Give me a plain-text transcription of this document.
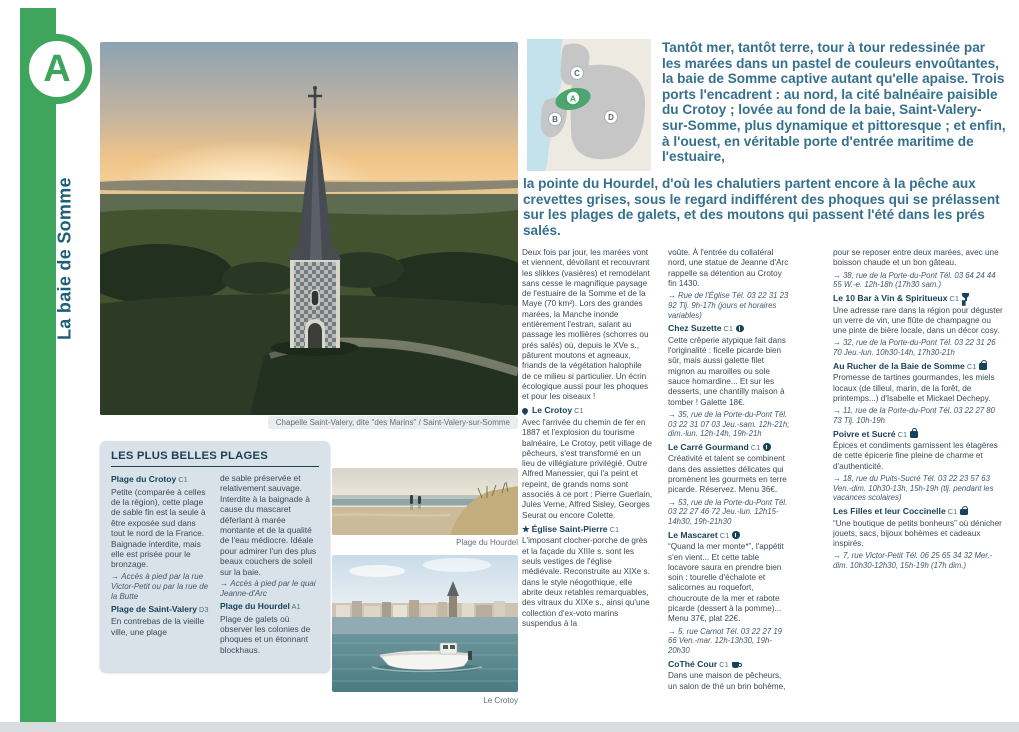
A
La baie de Somme
Chapelle Saint-Valery, dite "des Marins" / Saint-Valery-sur-Somme
C
A
B	D

Tantôt mer, tantôt terre, tour à tour redessinée par les marées dans un pastel de couleurs envoûtantes, la baie de Somme captive autant qu'elle apaise. Trois ports l'encadrent : au nord, la cité balnéaire paisible du Crotoy ; lovée au fond de la baie, Saint-Valery-sur-Somme, plus dynamique et pittoresque ; et enfin, à l'ouest, en véritable porte d'entrée maritime de l'estuaire,

la pointe du Hourdel, d'où les chalutiers partent encore à la pêche aux crevettes grises, sous le regard indifférent des phoques qui se prélassent sur les plages de galets, et des moutons qui passent l'été dans les prés salés.

LES PLUS BELLES PLAGES
Plage du Crotoy C1

Petite (comparée à celles de la région), cette plage de sable fin est la seule à être exposée sud dans tout le nord de la France. Baignade interdite, mais elle est prisée pour le bronzage.

→ Accès à pied par la rue Victor-Petit ou par la rue de la Butte

Plage de Saint-Valery D3

En contrebas de la vieille ville, une plage

de sable préservée et relativement sauvage. Interdite à la baignade à cause du mascaret déferlant à marée montante et de la qualité de l'eau médiocre. Idéale pour admirer l'un des plus beaux couchers de soleil sur la baie.

→ Accès à pied par le quai Jeanne-d'Arc

Plage du Hourdel A1

Plage de galets où observer les colonies de phoques et un étonnant blockhaus.

Plage du Hourdel
Le Crotoy

Deux fois par jour, les marées vont et viennent, dévoilant et recouvrant les slikkes (vasières) et remodelant sans cesse le magnifique paysage de l'estuaire de la Somme et de la Maye (70 km²). Lors des grandes marées, la Manche inonde entièrement l'estran, salant au passage les mollières (schorres ou prés salés) où, depuis le XVe s., pâturent moutons et agneaux, friands de la végétation halophile de ce milieu si particulier. Un écrin écologique aussi pour les phoques et pour les oiseaux !

Le Crotoy C1

Avec l'arrivée du chemin de fer en 1887 et l'explosion du tourisme balnéaire, Le Crotoy, petit village de pêcheurs, s'est transformé en un lieu de villégiature privilégié. Outre Alfred Manessier, qui l'a peint et repeint, de grands noms sont associés à ce port : Pierre Guerlain, Jules Verne, Alfred Sisley, Georges Seurat ou encore Colette.

★ Église Saint-Pierre C1

L'imposant clocher-porche de grès et la façade du XIIIe s. sont les seuls vestiges de l'église médiévale. Reconstruite au XIXe s. dans le style néogothique, elle abrite deux retables remarquables, des vitraux du XIXe s., ainsi qu'une collection d'ex-voto marins suspendus à la

voûte. À l'entrée du collatéral nord, une statue de Jeanne d'Arc rappelle sa détention au Crotoy fin 1430.

→ Rue de l'Église Tél. 03 22 31 23 92 Tlj. 9h-17h (jours et horaires variables)

Chez Suzette C1

Cette crêperie atypique fait dans l'originalité : ficelle picarde bien sûr, mais aussi galette filet mignon au maroilles ou sole sauce homardine... Et sur les desserts, une chantilly maison à tomber ! Galette 18€.

→ 35, rue de la Porte-du-Pont Tél. 03 22 31 07 03 Jeu.-sam. 12h-21h; dim.-lun. 12h-14h, 19h-21h

Le Carré Gourmand C1

Créativité et talent se combinent dans des assiettes délicates qui promènent les gourmets en terre picarde. Réservez. Menu 36€.

→ 53, rue de la Porte-du-Pont Tél. 03 22 27 46 72 Jeu.-lun. 12h15-14h30, 19h-21h30

Le Mascaret C1

“Quand la mer monte*”, l'appétit s'en vient... Et cette table locavore saura en prendre bien soin : tourelle d'échalote et salicornes au roquefort, choucroute de la mer et rabote picarde (dessert à la pomme)... Menu 37€, plat 22€.

→ 5, rue Carnot Tél. 03 22 27 19 66 Ven.-mar. 12h-13h30, 19h-20h30

CoThé Cour C1

Dans une maison de pêcheurs, un salon de thé un brin bohème,

pour se reposer entre deux marées, avec une boisson chaude et un bon gâteau.

→ 38, rue de la Porte-du-Pont Tél. 03 64 24 44 55 W.-e. 12h-18h (17h30 sam.)

Le 10 Bar à Vin & Spiritueux C1

Une adresse rare dans la région pour déguster un verre de vin, une flûte de champagne ou une pinte de bière locale, dans un décor cosy.

→ 32, rue de la Porte-du-Pont Tél. 03 22 31 26 70 Jeu.-lun. 10h30-14h, 17h30-21h

Au Rucher de la Baie de Somme C1

Promesse de tartines gourmandes, les miels locaux (de tilleul, marin, de la forêt, de printemps...) d'Isabelle et Mickael Dechepy.

→ 11, rue de la Porte-du-Pont Tél. 03 22 27 80 73 Tlj. 10h-19h

Poivre et Sucré C1

Épices et condiments garnissent les étagères de cette épicerie fine pleine de charme et d'authenticité.

→ 18, rue du Puits-Sucré Tél. 03 22 23 57 63 Ven.-dim. 10h30-13h, 15h-19h (tlj. pendant les vacances scolaires)

Les Filles et leur Coccinelle C1

“Une boutique de petits bonheurs” où dénicher jouets, sacs, bijoux bohèmes et cadeaux inspirés.

→ 7, rue Victor-Petit Tél. 06 25 65 34 32 Mer.-dim. 10h30-12h30, 15h-19h (17h dim.)
